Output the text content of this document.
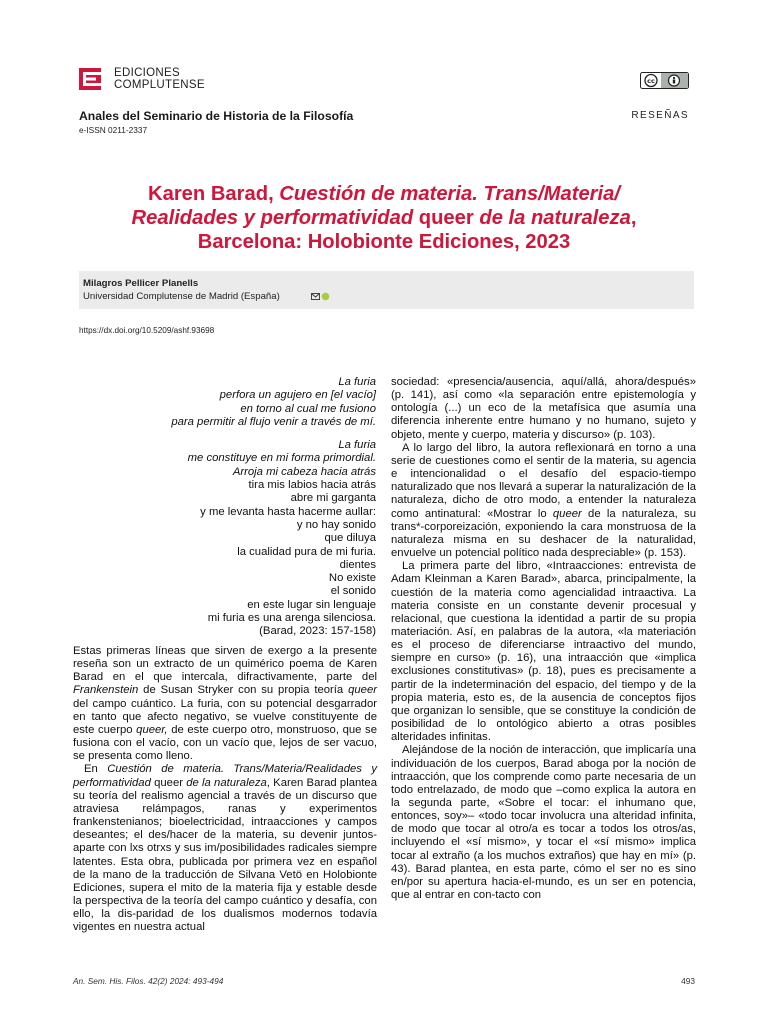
EDICIONES
COMPLUTENSE	cc
Anales del Seminario de Historia de la Filosofía
e-ISSN 0211-2337
RESEÑAS
Karen Barad, Cuestión de materia. Trans/Materia/
Realidades y performatividad queer de la naturaleza,
Barcelona: Holobionte Ediciones, 2023
Milagros Pellicer Planells
Universidad Complutense de Madrid (España)
https://dx.doi.org/10.5209/ashf.93698

La furia

perfora un agujero en [el vacío]

en torno al cual me fusiono

para permitir al flujo venir a través de mí.

La furia

me constituye en mi forma primordial.

Arroja mi cabeza hacia atrás

tira mis labios hacia atrás

abre mi garganta

y me levanta hasta hacerme aullar:

y no hay sonido

que diluya

la cualidad pura de mi furia.

dientes

No existe

el sonido

en este lugar sin lenguaje

mi furia es una arenga silenciosa.

(Barad, 2023: 157-158)

Estas primeras líneas que sirven de exergo a la presente reseña son un extracto de un quimérico poema de Karen Barad en el que intercala, difractivamente, parte del Frankenstein de Susan Stryker con su propia teoría queer del campo cuántico. La furia, con su potencial desgarrador en tanto que afecto negativo, se vuelve constituyente de este cuerpo queer, de este cuerpo otro, monstruoso, que se fusiona con el vacío, con un vacío que, lejos de ser vacuo, se presenta como lleno.

En Cuestión de materia. Trans/Materia/Realidades y performatividad queer de la naturaleza, Karen Barad plantea su teoría del realismo agencial a través de un discurso que atraviesa relámpagos, ranas y experimentos frankenstenianos; bioelectricidad, intraacciones y campos deseantes; el des/hacer de la materia, su devenir juntos-aparte con lxs otrxs y sus im/posibilidades radicales siempre latentes. Esta obra, publicada por primera vez en español de la mano de la traducción de Silvana Vetö en Holobionte Ediciones, supera el mito de la materia fija y estable desde la perspectiva de la teoría del campo cuántico y desafía, con ello, la dis-paridad de los dualismos modernos todavía vigentes en nuestra actual

sociedad: «presencia/ausencia, aquí/allá, ahora/después» (p. 141), así como «la separación entre epistemología y ontología (...) un eco de la metafísica que asumía una diferencia inherente entre humano y no humano, sujeto y objeto, mente y cuerpo, materia y discurso» (p. 103).

A lo largo del libro, la autora reflexionará en torno a una serie de cuestiones como el sentir de la materia, su agencia e intencionalidad o el desafío del espacio-tiempo naturalizado que nos llevará a superar la naturalización de la naturaleza, dicho de otro modo, a entender la naturaleza como antinatural: «Mostrar lo queer de la naturaleza, su trans*-corporeización, exponiendo la cara monstruosa de la naturaleza misma en su deshacer de la naturalidad, envuelve un potencial político nada despreciable» (p. 153).

La primera parte del libro, «Intraacciones: entrevista de Adam Kleinman a Karen Barad», abarca, principalmente, la cuestión de la materia como agencialidad intraactiva. La materia consiste en un constante devenir procesual y relacional, que cuestiona la identidad a partir de su propia materiación. Así, en palabras de la autora, «la materiación es el proceso de diferenciarse intraactivo del mundo, siempre en curso» (p. 16), una intraacción que «implica exclusiones constitutivas» (p. 18), pues es precisamente a partir de la indeterminación del espacio, del tiempo y de la propia materia, esto es, de la ausencia de conceptos fijos que organizan lo sensible, que se constituye la condición de posibilidad de lo ontológico abierto a otras posibles alteridades infinitas.

Alejándose de la noción de interacción, que implicaría una individuación de los cuerpos, Barad aboga por la noción de intraacción, que los comprende como parte necesaria de un todo entrelazado, de modo que –como explica la autora en la segunda parte, «Sobre el tocar: el inhumano que, entonces, soy»– «todo tocar involucra una alteridad infinita, de modo que tocar al otro/a es tocar a todos los otros/as, incluyendo el «sí mismo», y tocar el «sí mismo» implica tocar al extraño (a los muchos extraños) que hay en mí» (p. 43). Barad plantea, en esta parte, cómo el ser no es sino en/por su apertura hacia-el-mundo, es un ser en potencia, que al entrar en con-tacto con

An. Sem. His. Filos. 42(2) 2024: 493-494	493
